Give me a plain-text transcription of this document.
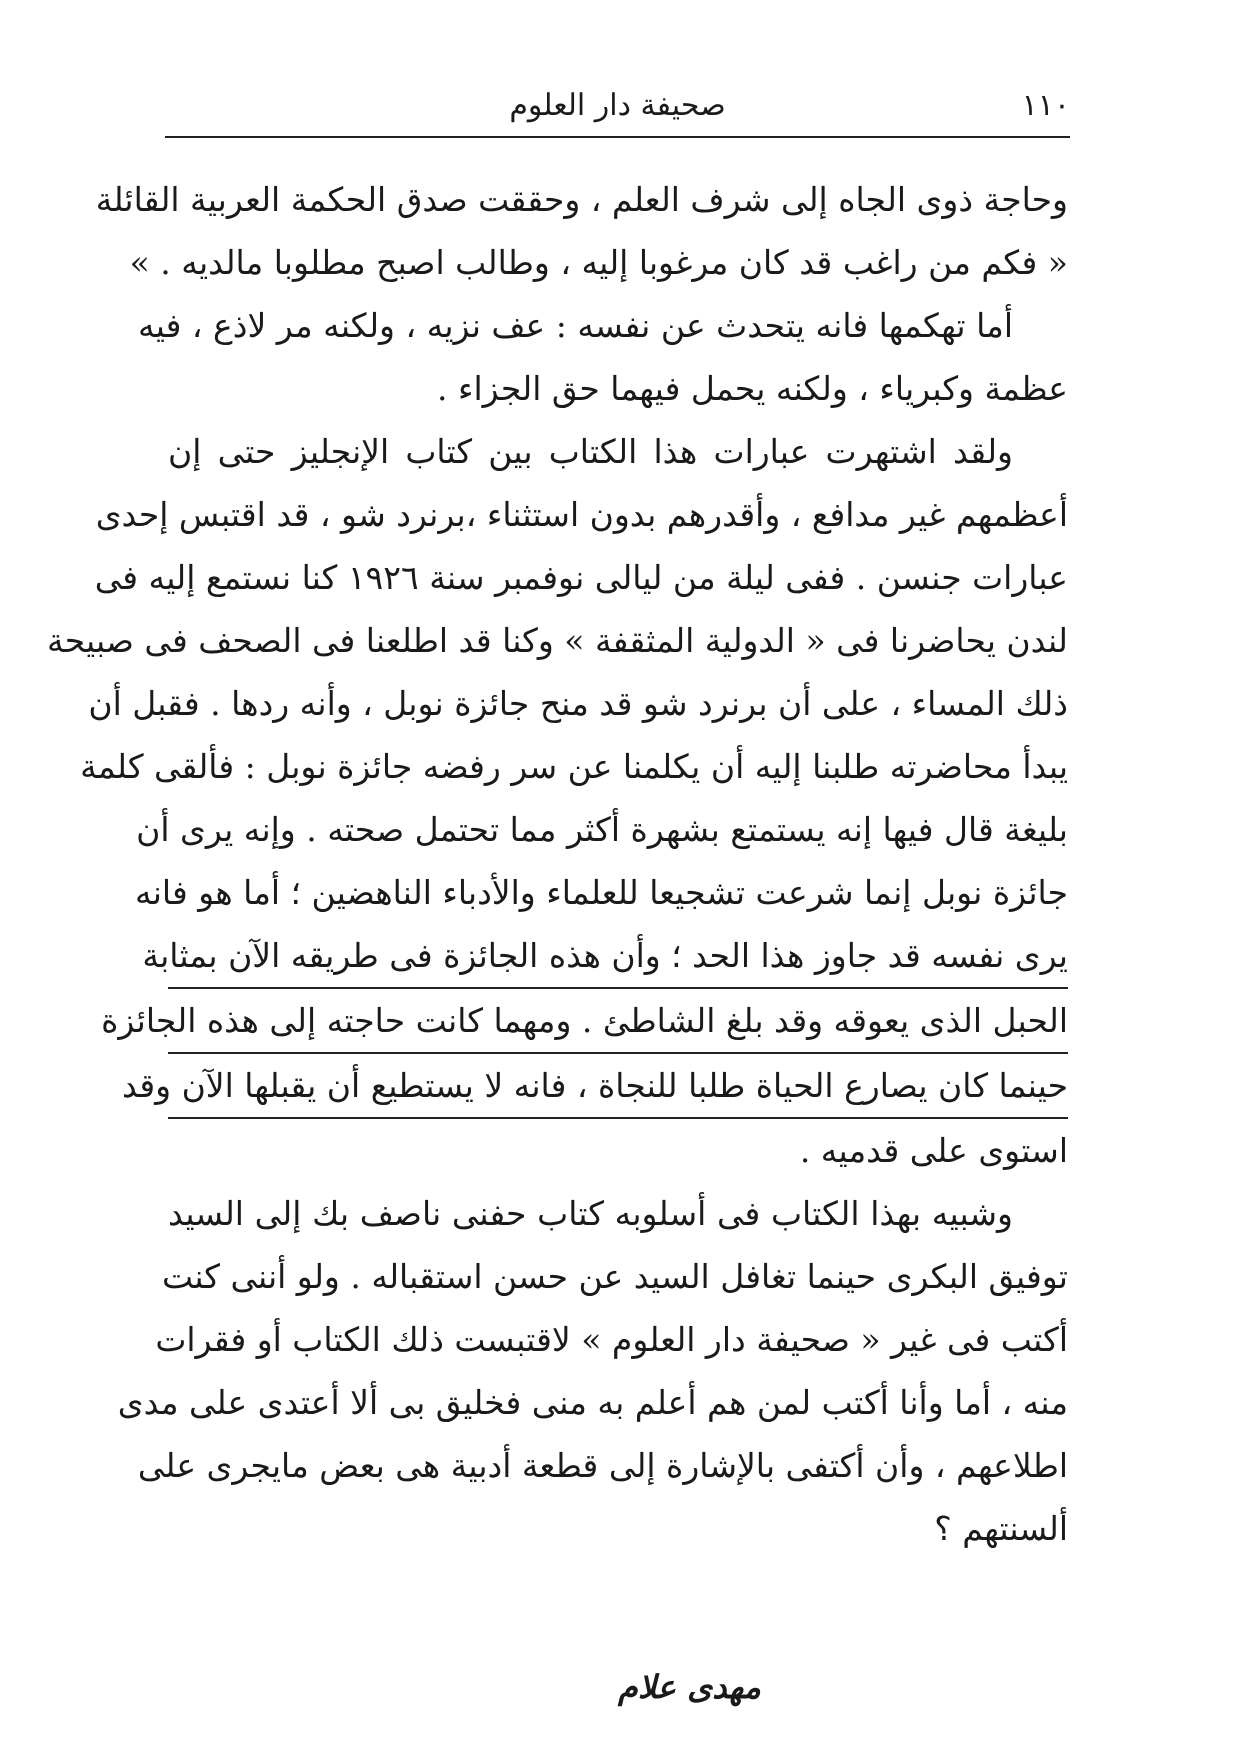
١١٠
صحيفة دار العلوم
وحاجة ذوى الجاه إلى شرف العلم ، وحققت صدق الحكمة العربية القائلة
« فكم من راغب قد كان مرغوبا إليه ، وطالب اصبح مطلوبا مالديه . »
أما تهكمها فانه يتحدث عن نفسه : عف نزيه ، ولكنه مر لاذع ، فيه
عظمة وكبرياء ، ولكنه يحمل فيهما حق الجزاء .
ولقد اشتهرت عبارات هذا الكتاب بين كتاب الإنجليز حتى إن
أعظمهم غير مدافع ، وأقدرهم بدون استثناء ،برنرد شو ، قد اقتبس إحدى
عبارات جنسن . ففى ليلة من ليالى نوفمبر سنة ١٩٢٦ كنا نستمع إليه فى
لندن يحاضرنا فى « الدولية المثقفة » وكنا قد اطلعنا فى الصحف فى صبيحة
ذلك المساء ، على أن برنرد شو قد منح جائزة نوبل ، وأنه ردها . فقبل أن
يبدأ محاضرته طلبنا إليه أن يكلمنا عن سر رفضه جائزة نوبل : فألقى كلمة
بليغة قال فيها إنه يستمتع بشهرة أكثر مما تحتمل صحته . وإنه يرى أن
جائزة نوبل إنما شرعت تشجيعا للعلماء والأدباء الناهضين ؛ أما هو فانه
يرى نفسه قد جاوز هذا الحد ؛ وأن هذه الجائزة فى طريقه الآن بمثابة
الحبل الذى يعوقه وقد بلغ الشاطئ . ومهما كانت حاجته إلى هذه الجائزة
حينما كان يصارع الحياة طلبا للنجاة ، فانه لا يستطيع أن يقبلها الآن وقد
استوى على قدميه .
وشبيه بهذا الكتاب فى أسلوبه كتاب حفنى ناصف بك إلى السيد
توفيق البكرى حينما تغافل السيد عن حسن استقباله . ولو أننى كنت
أكتب فى غير « صحيفة دار العلوم » لاقتبست ذلك الكتاب أو فقرات
منه ، أما وأنا أكتب لمن هم أعلم به منى فخليق بى ألا أعتدى على مدى
اطلاعهم ، وأن أكتفى بالإشارة إلى قطعة أدبية هى بعض مايجرى على
ألسنتهم ؟
مهدى علام
